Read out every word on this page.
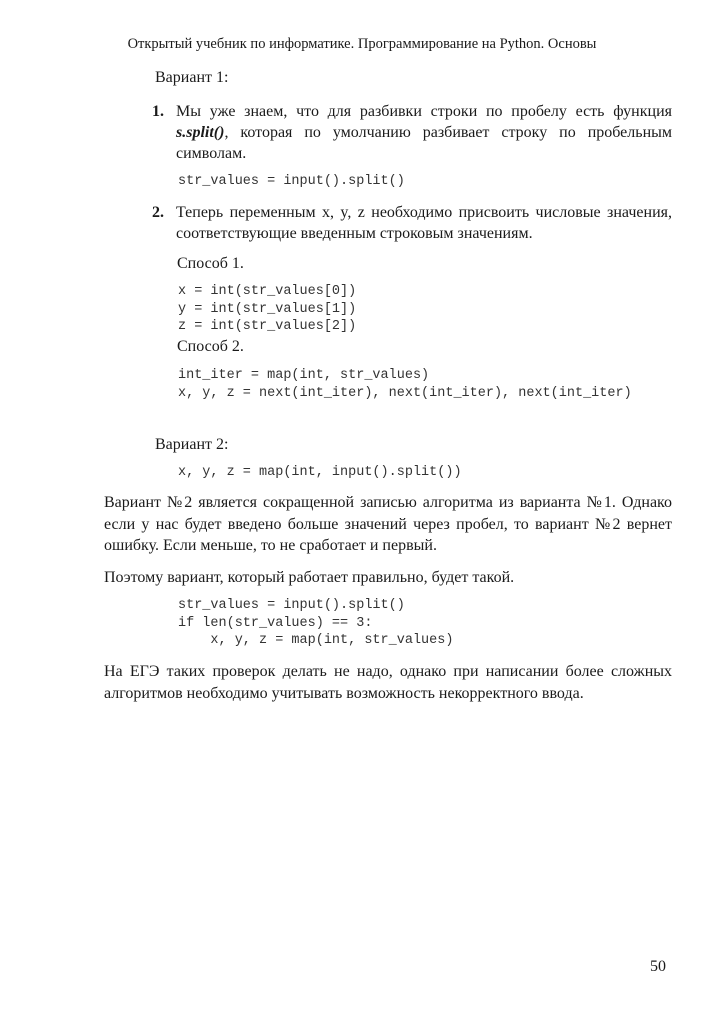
Открытый учебник по информатике. Программирование на Python. Основы
Вариант 1:
1. Мы уже знаем, что для разбивки строки по пробелу есть функция s.split(), которая по умолчанию разбивает строку по пробельным символам.
str_values = input().split()
2. Теперь переменным x, y, z необходимо присвоить числовые значения, соответствующие введенным строковым значениям.
Способ 1.
x = int(str_values[0])
y = int(str_values[1])
z = int(str_values[2])
Способ 2.
int_iter = map(int, str_values)
x, y, z = next(int_iter), next(int_iter), next(int_iter)
Вариант 2:
x, y, z = map(int, input().split())
Вариант №2 является сокращенной записью алгоритма из варианта №1. Однако если у нас будет введено больше значений через пробел, то вариант №2 вернет ошибку. Если меньше, то не сработает и первый.
Поэтому вариант, который работает правильно, будет такой.
str_values = input().split()
if len(str_values) == 3:
x, y, z = map(int, str_values)
На ЕГЭ таких проверок делать не надо, однако при написании более сложных алгоритмов необходимо учитывать возможность некорректного ввода.
50
